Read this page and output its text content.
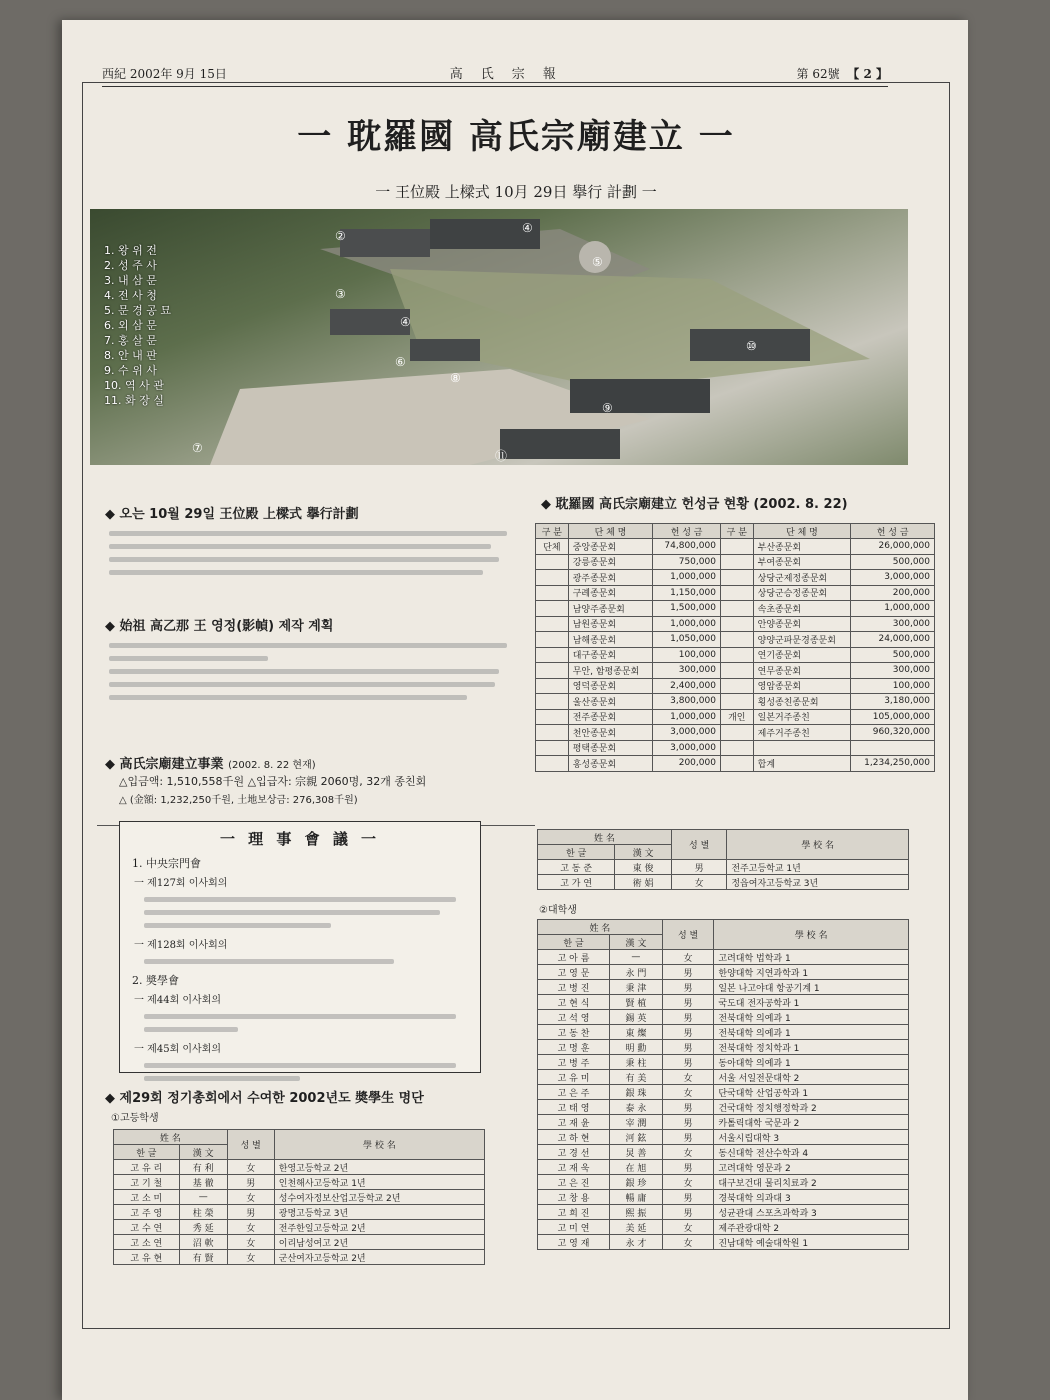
西紀 2002年 9月 15日	高氏宗報	第 62號 【 2 】
一 耽羅國 高氏宗廟建立 一
一 王位殿 上樑式 10月 29日 擧行 計劃 一
1. 왕 위 전
2. 성 주 사
3. 내 삼 문
4. 전 사 청
5. 문 경 공 묘
6. 외 삼 문
7. 홍 살 문
8. 안 내 판
9. 수 위 사
10. 역 사 관
11. 화 장 실
②
④
⑤
③
④
⑥
⑧
⑨
⑩
⑦
⑪
◆ 오는 10월 29일 王位殿 上樑式 擧行計劃
◆ 始祖 高乙那 王 영정(影幀) 제작 계획
◆ 高氏宗廟建立事業 (2002. 8. 22 현재)
△입금액: 1,510,558千원 △입급자: 宗親 2060명, 32개 종친회
△ (金額: 1,232,250千원, 土地보상금: 276,308千원)
◆ 耽羅國 高氏宗廟建立 헌성금 현황 (2002. 8. 22)
구 분	단 체 명	헌 성 금	구 분	단 체 명	헌 성 금
단체	중앙종문회	74,800,000		부산종문회	26,000,000
	강릉종문회	750,000		부여종문회	500,000
	광주종문회	1,000,000		상당군제정종문회	3,000,000
	구례종문회	1,150,000		상당군승정종문회	200,000
	남양주종문회	1,500,000		속초종문회	1,000,000
	남원종문회	1,000,000		안양종문회	300,000
	남해종문회	1,050,000		양양군파문경종문회	24,000,000
	대구종문회	100,000		연기종문회	500,000
	무안, 함평종문회	300,000		연무종문회	300,000
	영덕종문회	2,400,000		영암종문회	100,000
	울산종문회	3,800,000		횡성종친종문회	3,180,000
	전주종문회	1,000,000	개인	일본거주종친	105,000,000
	천안종문회	3,000,000		제주거주종친	960,320,000
	평택종문회	3,000,000			
	홍성종문회	200,000		합계	1,234,250,000
一 理 事 會 議 一
1. 中央宗門會
一 제127회 이사회의
一 제128회 이사회의
2. 奬學會
一 제44회 이사회의
一 제45회 이사회의
◆ 제29회 정기총회에서 수여한 2002년도 奬學生 명단
①고등학생
姓 名		성 별	學 校 名
한 글	漢 文		
고 유 리	有 利	女	한영고등학교 2년
고 기 철	基 徹	男	인천해사고등학교 1년
고 소 미	—	女	성수여자정보산업고등학교 2년
고 주 영	柱 榮	男	광명고등학교 3년
고 수 연	秀 延	女	전주한일고등학교 2년
고 소 연	沼 軟	女	이리남성여고 2년
고 유 현	有 賢	女	군산여자고등학교 2년
姓 名		성 별	學 校 名
한 글	漢 文		
고 동 준	東 俊	男	전주고등학교 1년
고 가 연	術 娟	女	정읍여자고등학교 3년
②대학생
姓 名		성 별	學 校 名
한 글	漢 文		
고 아 름	—	女	고려대학 법학과 1
고 영 문	永 門	男	한양대학 지연과학과 1
고 병 진	秉 津	男	일본 나고야대 항공기계 1
고 현 식	賢 植	男	국도대 전자공학과 1
고 석 영	錫 英	男	전북대학 의예과 1
고 동 찬	東 燦	男	전북대학 의예과 1
고 명 훈	明 勳	男	전북대학 정치학과 1
고 병 주	秉 柱	男	동아대학 의예과 1
고 유 미	有 美	女	서울 서일전문대학 2
고 은 주	銀 珠	女	단국대학 산업공학과 1
고 태 영	泰 永	男	건국대학 정치행정학과 2
고 재 윤	宰 潤	男	카톨릭대학 국문과 2
고 하 현	河 鉉	男	서울시립대학 3
고 경 선	炅 善	女	동신대학 전산수학과 4
고 재 욱	在 旭	男	고려대학 영문과 2
고 은 진	銀 珍	女	대구보건대 물리치료과 2
고 창 용	暢 庸	男	경북대학 의과대 3
고 희 진	熙 振	男	성균관대 스포츠과학과 3
고 미 연	美 延	女	제주관광대학 2
고 영 재	永 才	女	진남대학 예술대학원 1
